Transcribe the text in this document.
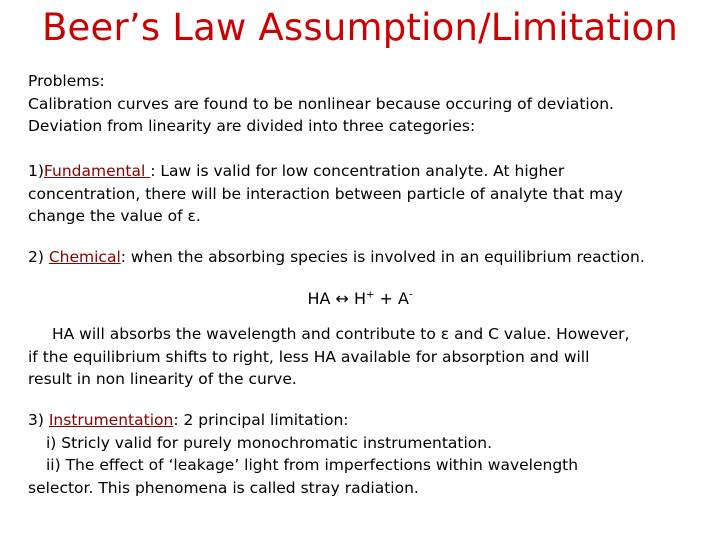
Beer’s Law Assumption/Limitation
Problems:
Calibration curves are found to be nonlinear because occuring of deviation.
Deviation from linearity are divided into three categories:
1)Fundamental : Law is valid for low concentration analyte. At higher
concentration, there will be interaction between particle of analyte that may
change the value of ε.
2) Chemical: when the absorbing species is involved in an equilibrium reaction.
HA ↔ H+ + A-
HA will absorbs the wavelength and contribute to ε and C value. However,
if the equilibrium shifts to right, less HA available for absorption and will
result in non linearity of the curve.
3) Instrumentation: 2 principal limitation:
i) Stricly valid for purely monochromatic instrumentation.
ii) The effect of ‘leakage’ light from imperfections within wavelength
selector. This phenomena is called stray radiation.
